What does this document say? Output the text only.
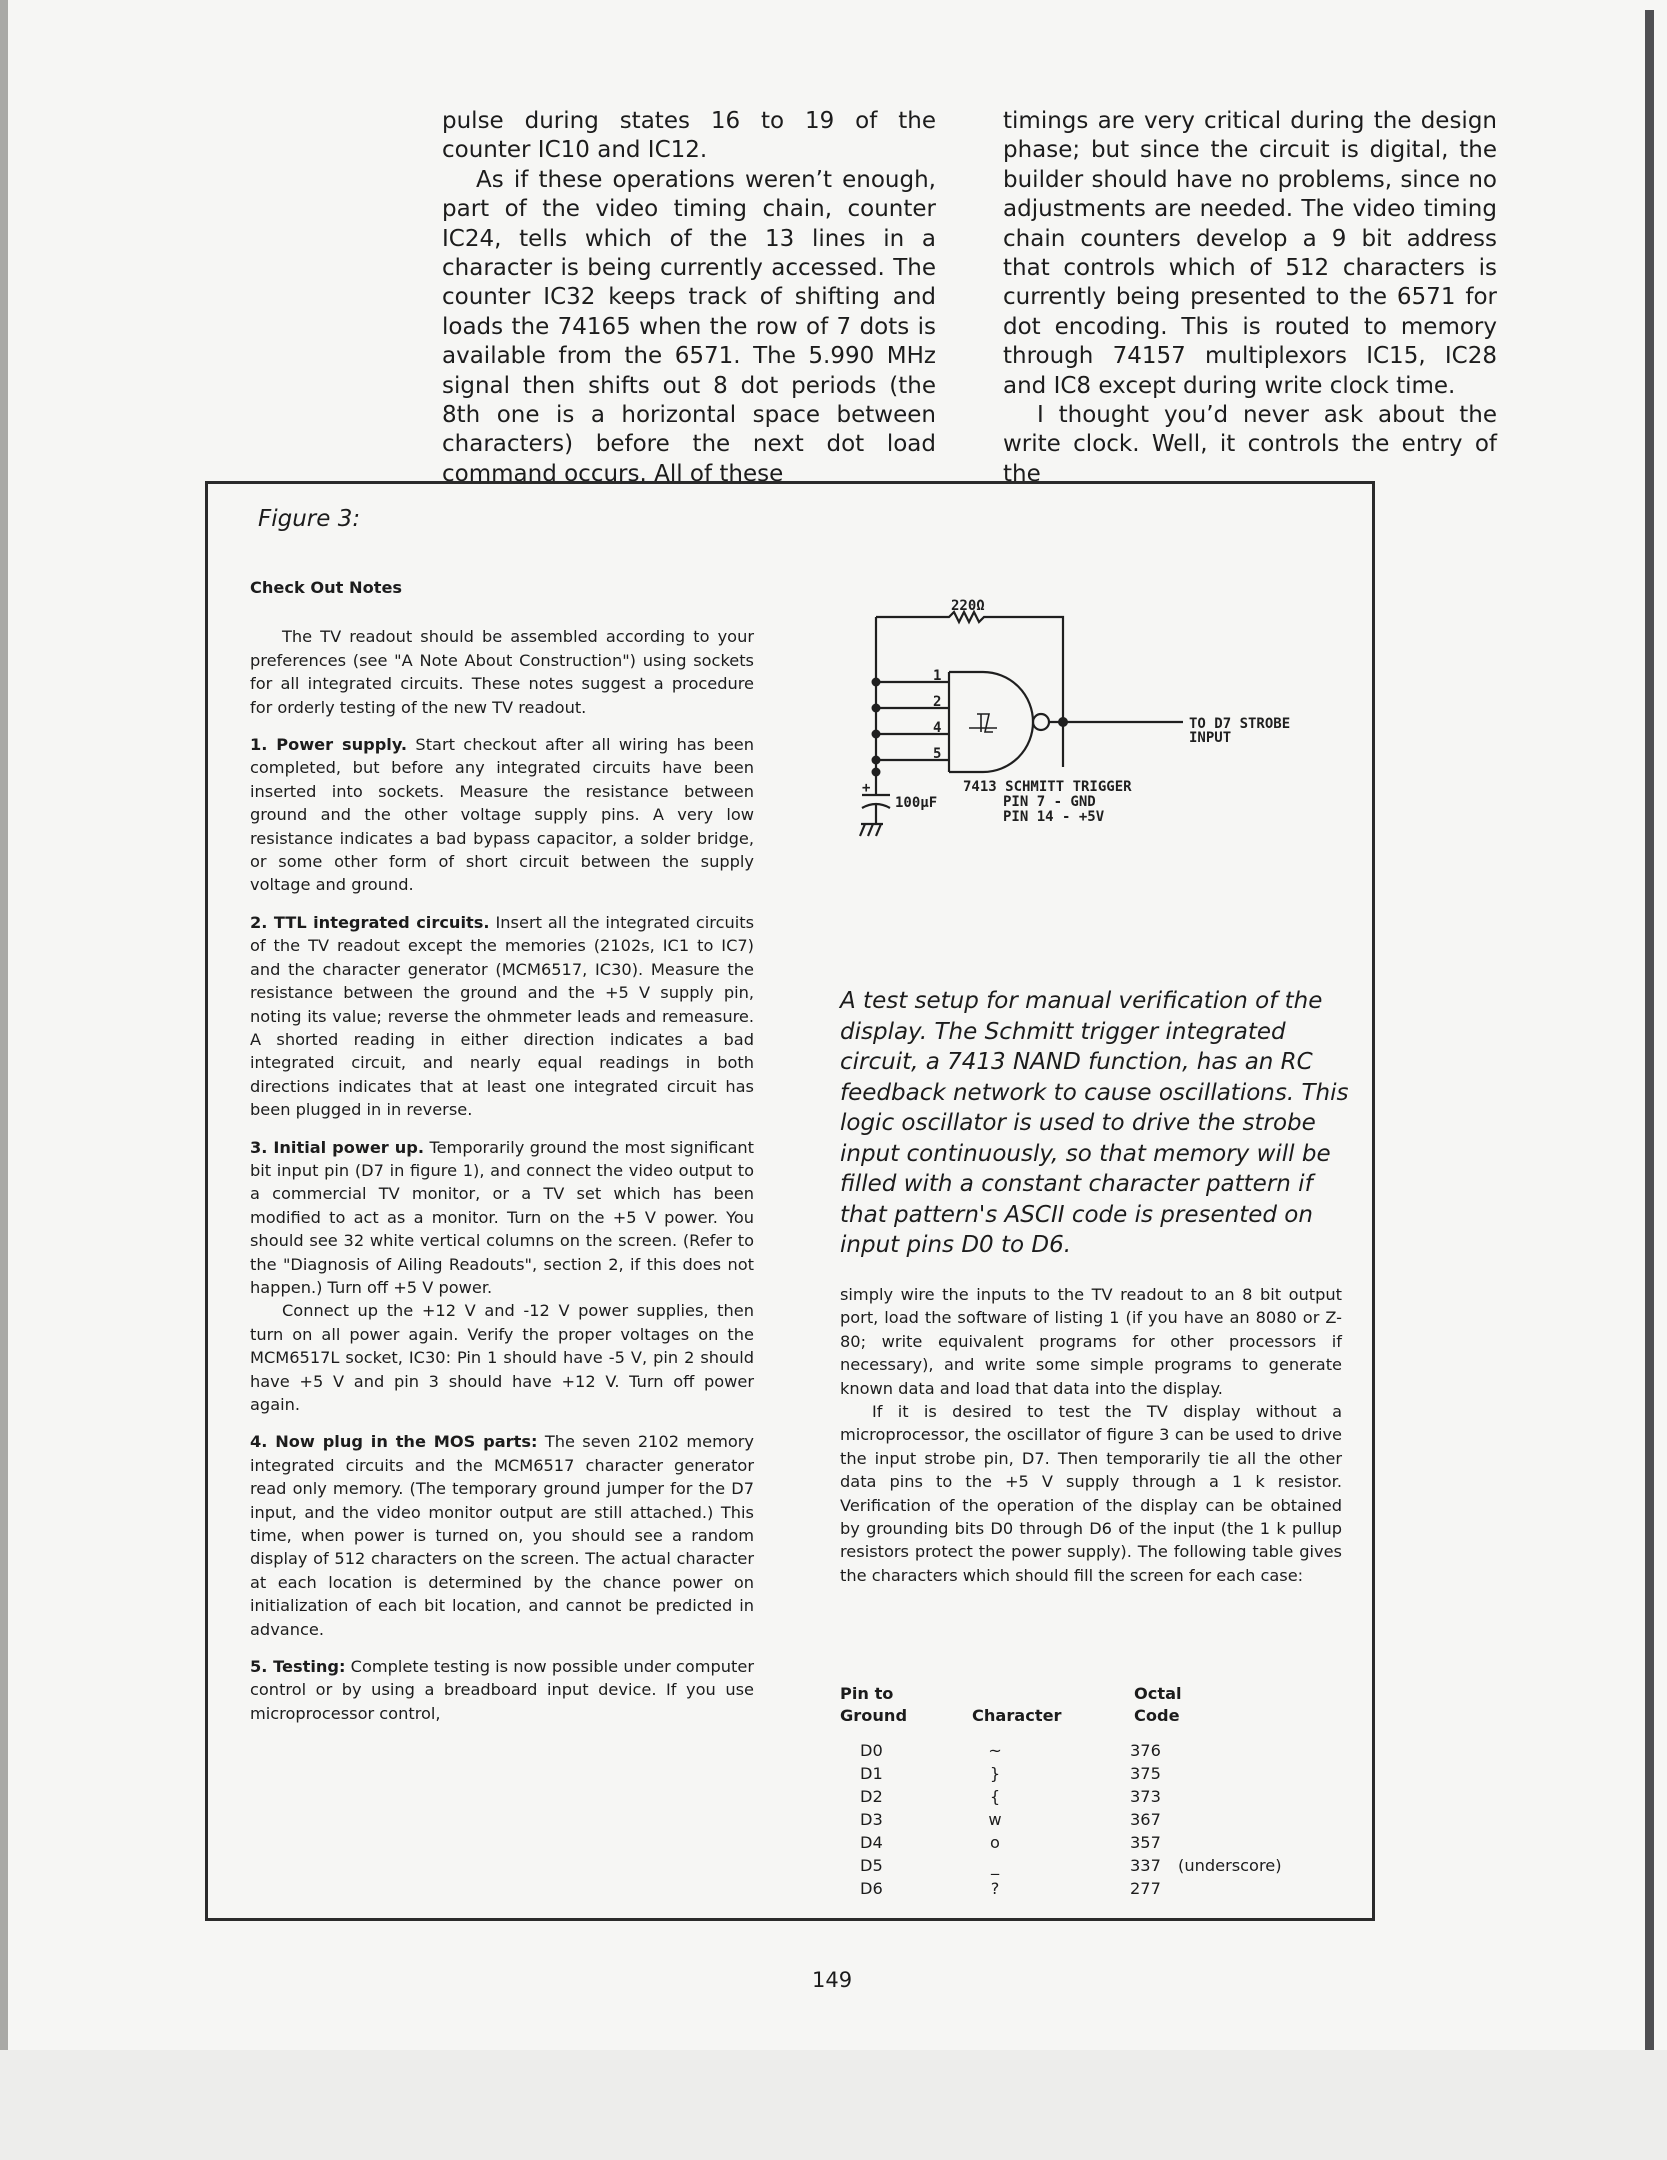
pulse during states 16 to 19 of the counter IC10 and IC12.

As if these operations weren’t enough, part of the video timing chain, counter IC24, tells which of the 13 lines in a character is being currently accessed. The counter IC32 keeps track of shifting and loads the 74165 when the row of 7 dots is available from the 6571. The 5.990 MHz signal then shifts out 8 dot periods (the 8th one is a horizontal space between characters) before the next dot load command occurs. All of these

timings are very critical during the design phase; but since the circuit is digital, the builder should have no problems, since no adjustments are needed. The video timing chain counters develop a 9 bit address that controls which of 512 characters is currently being presented to the 6571 for dot encoding. This is routed to memory through 74157 multiplexors IC15, IC28 and IC8 except during write clock time.

I thought you’d never ask about the write clock. Well, it controls the entry of the

Figure 3:

Check Out Notes

The TV readout should be assembled according to your preferences (see "A Note About Construction") using sockets for all integrated circuits. These notes suggest a procedure for orderly testing of the new TV readout.

1. Power supply. Start checkout after all wiring has been completed, but before any integrated circuits have been inserted into sockets. Measure the resistance between ground and the other voltage supply pins. A very low resistance indicates a bad bypass capacitor, a solder bridge, or some other form of short circuit between the supply voltage and ground.

2. TTL integrated circuits. Insert all the integrated circuits of the TV readout except the memories (2102s, IC1 to IC7) and the character generator (MCM6517, IC30). Measure the resistance between the ground and the +5 V supply pin, noting its value; reverse the ohmmeter leads and remeasure. A shorted reading in either direction indicates a bad integrated circuit, and nearly equal readings in both directions indicates that at least one integrated circuit has been plugged in in reverse.

3. Initial power up. Temporarily ground the most significant bit input pin (D7 in figure 1), and connect the video output to a commercial TV monitor, or a TV set which has been modified to act as a monitor. Turn on the +5 V power. You should see 32 white vertical columns on the screen. (Refer to the "Diagnosis of Ailing Readouts", section 2, if this does not happen.) Turn off +5 V power.

Connect up the +12 V and -12 V power supplies, then turn on all power again. Verify the proper voltages on the MCM6517L socket, IC30: Pin 1 should have -5 V, pin 2 should have +5 V and pin 3 should have +12 V. Turn off power again.

4. Now plug in the MOS parts: The seven 2102 memory integrated circuits and the MCM6517 character generator read only memory. (The temporary ground jumper for the D7 input, and the video monitor output are still attached.) This time, when power is turned on, you should see a random display of 512 characters on the screen. The actual character at each location is determined by the chance power on initialization of each bit location, and cannot be predicted in advance.

5. Testing: Complete testing is now possible under computer control or by using a breadboard input device. If you use microprocessor control,

220Ω
1
2
4
5
TO D7 STROBE
INPUT
7413 SCHMITT TRIGGER
PIN 7 - GND
PIN 14 - +5V
+
100μF

A test setup for manual verification of the display. The Schmitt trigger integrated circuit, a 7413 NAND function, has an RC feedback network to cause oscillations. This logic oscillator is used to drive the strobe input continuously, so that memory will be filled with a constant character pattern if that pattern's ASCII code is presented on input pins D0 to D6.

simply wire the inputs to the TV readout to an 8 bit output port, load the software of listing 1 (if you have an 8080 or Z-80; write equivalent programs for other processors if necessary), and write some simple programs to generate known data and load that data into the display.

If it is desired to test the TV display without a microprocessor, the oscillator of figure 3 can be used to drive the input strobe pin, D7. Then temporarily tie all the other data pins to the +5 V supply through a 1 k resistor. Verification of the operation of the display can be obtained by grounding bits D0 through D6 of the input (the 1 k pullup resistors protect the power supply). The following table gives the characters which should fill the screen for each case:

Pin to
Ground	Character
Octal
Code
D0	~	376
D1	}	375
D2	{	373
D3	w	367
D4	o	357
D5	_	337 (underscore)
D6	?	277
149
